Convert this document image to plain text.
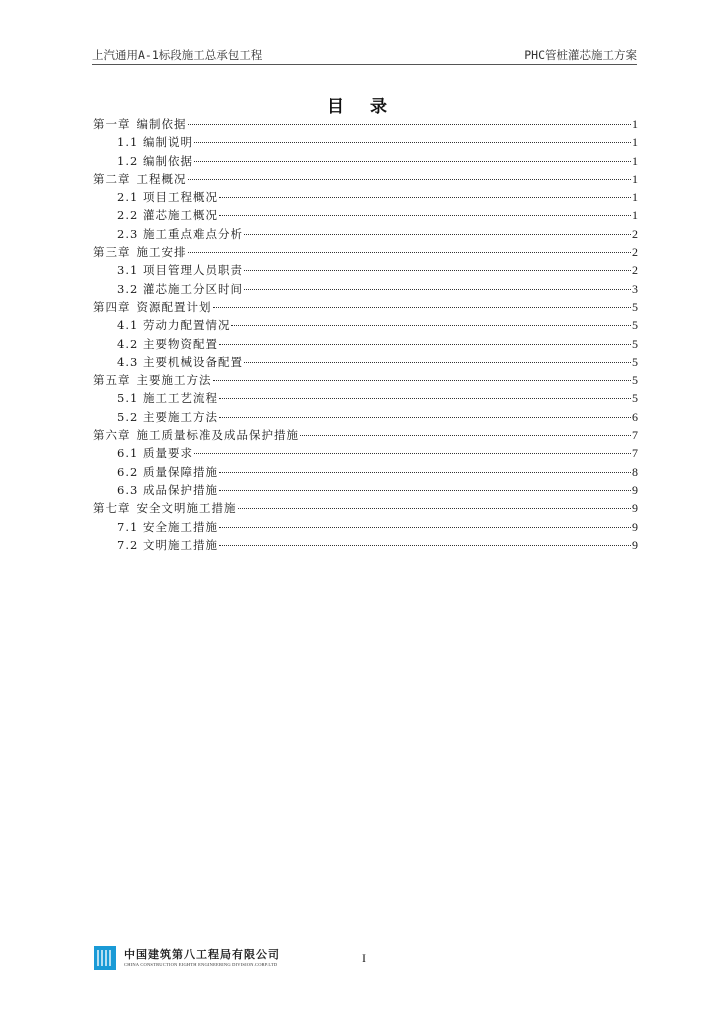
上汽通用A-1标段施工总承包工程	PHC管桩灌芯施工方案
目 录
第一章 编制依据	1
1.1 编制说明	1
1.2 编制依据	1
第二章 工程概况	1
2.1 项目工程概况	1
2.2 灌芯施工概况	1
2.3 施工重点难点分析	2
第三章 施工安排	2
3.1 项目管理人员职责	2
3.2 灌芯施工分区时间	3
第四章 资源配置计划	5
4.1 劳动力配置情况	5
4.2 主要物资配置	5
4.3 主要机械设备配置	5
第五章 主要施工方法	5
5.1 施工工艺流程	5
5.2 主要施工方法	6
第六章 施工质量标准及成品保护措施	7
6.1 质量要求	7
6.2 质量保障措施	8
6.3 成品保护措施	9
第七章 安全文明施工措施	9
7.1 安全施工措施	9
7.2 文明施工措施	9
中国建筑第八工程局有限公司
CHINA CONSTRUCTION EIGHTH ENGINEERING DIVISION.CORP.LTD	I
